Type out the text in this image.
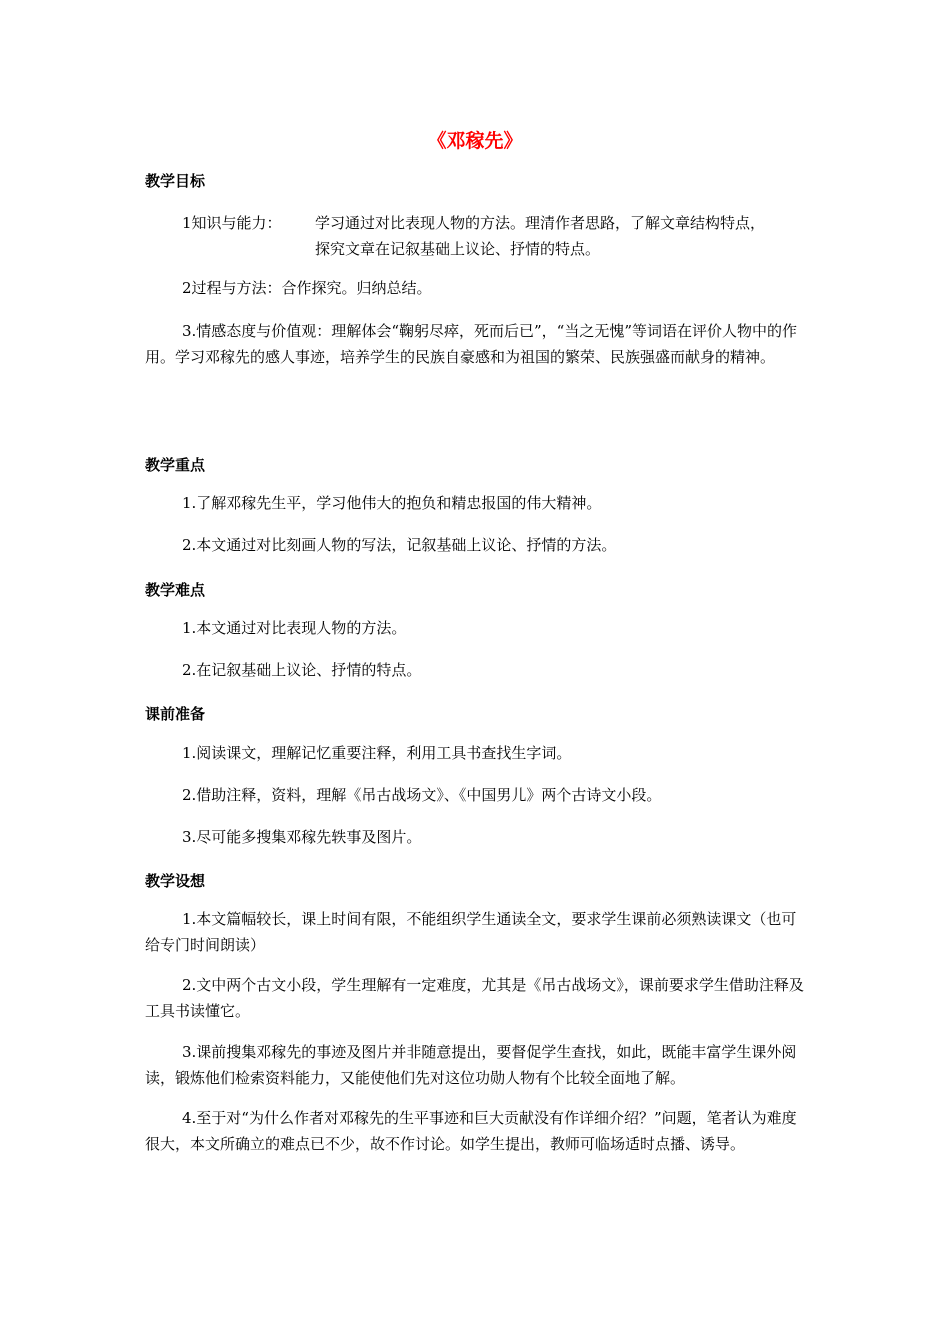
《邓稼先》
教学目标
1知识与能力： 学习通过对比表现人物的方法。理清作者思路，了解文章结构特点，
探究文章在记叙基础上议论、抒情的特点。
2过程与方法：合作探究。归纳总结。
3.情感态度与价值观：理解体会“鞠躬尽瘁，死而后已”，“当之无愧”等词语在评价人物中的作用。学习邓稼先的感人事迹，培养学生的民族自豪感和为祖国的繁荣、民族强盛而献身的精神。
教学重点
1.了解邓稼先生平，学习他伟大的抱负和精忠报国的伟大精神。
2.本文通过对比刻画人物的写法，记叙基础上议论、抒情的方法。
教学难点
1.本文通过对比表现人物的方法。
2.在记叙基础上议论、抒情的特点。
课前准备
1.阅读课文，理解记忆重要注释，利用工具书查找生字词。
2.借助注释，资料，理解《吊古战场文》、《中国男儿》两个古诗文小段。
3.尽可能多搜集邓稼先轶事及图片。
教学设想
1.本文篇幅较长，课上时间有限，不能组织学生通读全文，要求学生课前必须熟读课文（也可给专门时间朗读）
2.文中两个古文小段，学生理解有一定难度，尤其是《吊古战场文》，课前要求学生借助注释及工具书读懂它。
3.课前搜集邓稼先的事迹及图片并非随意提出，要督促学生查找，如此，既能丰富学生课外阅读，锻炼他们检索资料能力，又能使他们先对这位功勋人物有个比较全面地了解。
4.至于对“为什么作者对邓稼先的生平事迹和巨大贡献没有作详细介绍？”问题，笔者认为难度很大，本文所确立的难点已不少，故不作讨论。如学生提出，教师可临场适时点播、诱导。
